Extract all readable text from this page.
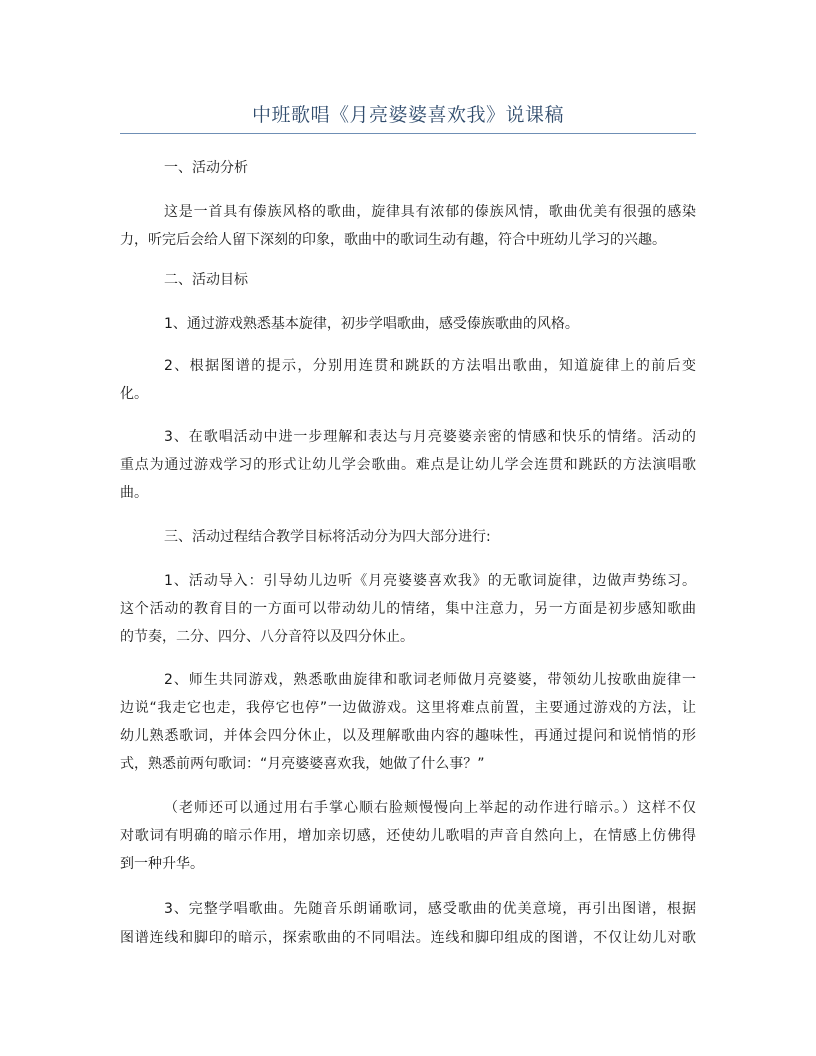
中班歌唱《月亮婆婆喜欢我》说课稿
一、活动分析
这是一首具有傣族风格的歌曲，旋律具有浓郁的傣族风情，歌曲优美有很强的感染
力，听完后会给人留下深刻的印象，歌曲中的歌词生动有趣，符合中班幼儿学习的兴趣。
二、活动目标
1、通过游戏熟悉基本旋律，初步学唱歌曲，感受傣族歌曲的风格。
2、根据图谱的提示，分别用连贯和跳跃的方法唱出歌曲，知道旋律上的前后变
化。
3、在歌唱活动中进一步理解和表达与月亮婆婆亲密的情感和快乐的情绪。活动的
重点为通过游戏学习的形式让幼儿学会歌曲。难点是让幼儿学会连贯和跳跃的方法演唱歌
曲。
三、活动过程结合教学目标将活动分为四大部分进行:
1、活动导入：引导幼儿边听《月亮婆婆喜欢我》的无歌词旋律，边做声势练习。
这个活动的教育目的一方面可以带动幼儿的情绪，集中注意力，另一方面是初步感知歌曲
的节奏，二分、四分、八分音符以及四分休止。
2、师生共同游戏，熟悉歌曲旋律和歌词老师做月亮婆婆，带领幼儿按歌曲旋律一
边说“我走它也走，我停它也停”一边做游戏。这里将难点前置，主要通过游戏的方法，让
幼儿熟悉歌词，并体会四分休止，以及理解歌曲内容的趣味性，再通过提问和说悄悄的形
式，熟悉前两句歌词：“月亮婆婆喜欢我，她做了什么事？”
（老师还可以通过用右手掌心顺右脸颊慢慢向上举起的动作进行暗示。）这样不仅
对歌词有明确的暗示作用，增加亲切感，还使幼儿歌唱的声音自然向上，在情感上仿佛得
到一种升华。
3、完整学唱歌曲。先随音乐朗诵歌词，感受歌曲的优美意境，再引出图谱，根据
图谱连线和脚印的暗示，探索歌曲的不同唱法。连线和脚印组成的图谱，不仅让幼儿对歌
